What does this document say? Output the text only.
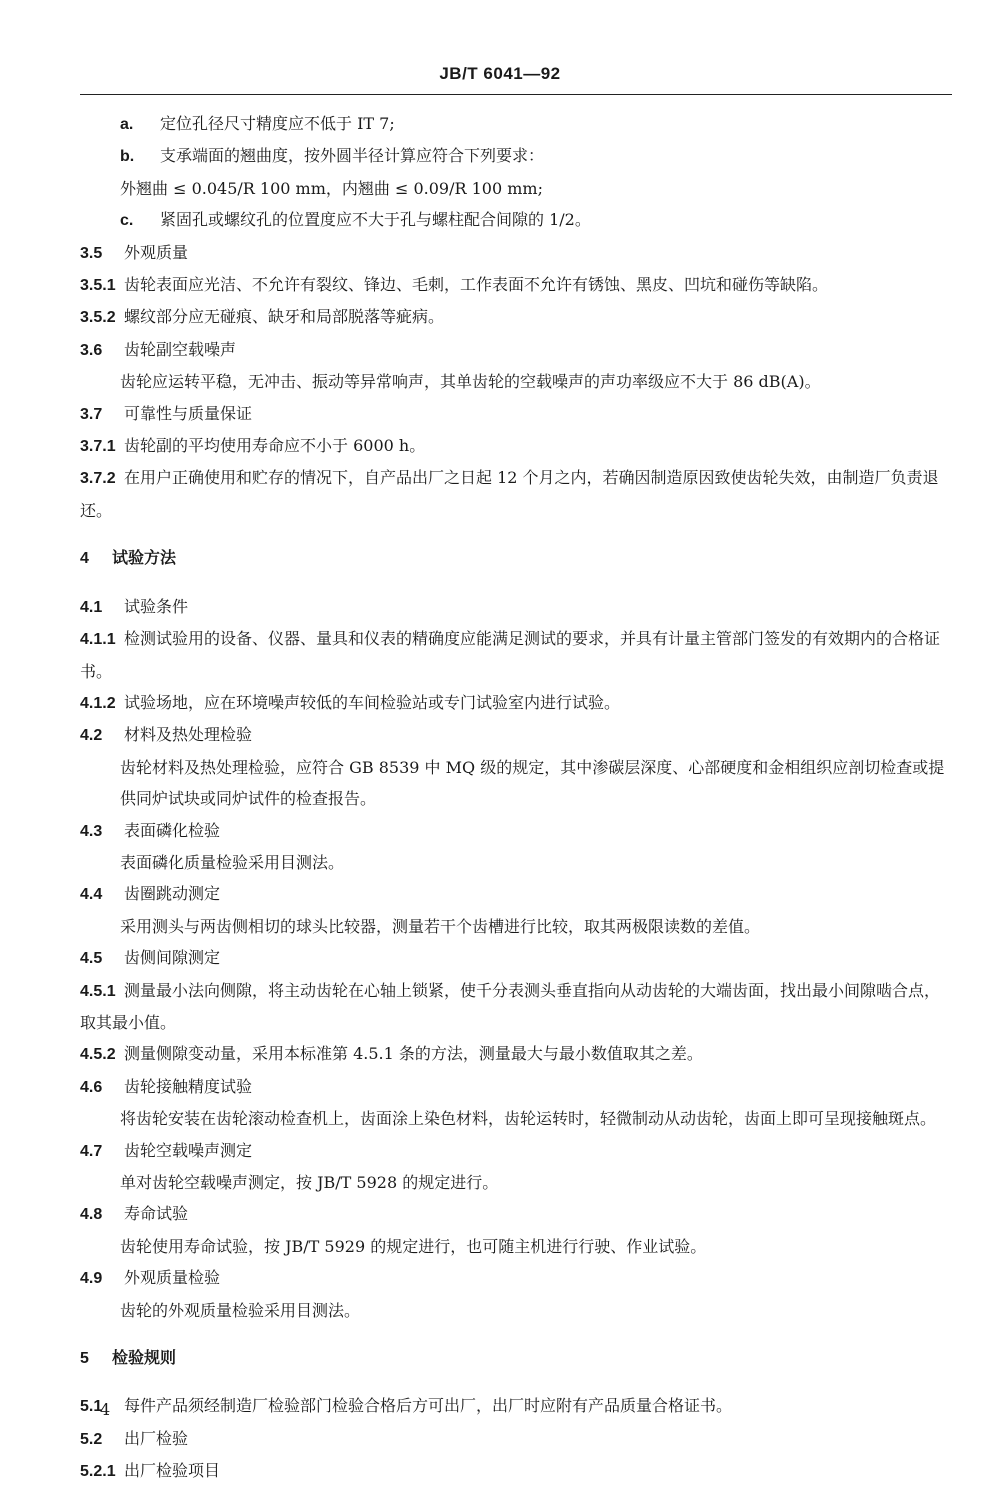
JB/T 6041—92

a. 定位孔径尺寸精度应不低于 IT 7;

b. 支承端面的翘曲度，按外圆半径计算应符合下列要求：

外翘曲 ≤ 0.045/R 100 mm，内翘曲 ≤ 0.09/R 100 mm;

c. 紧固孔或螺纹孔的位置度应不大于孔与螺柱配合间隙的 1/2。

3.5 外观质量

3.5.1 齿轮表面应光洁、不允许有裂纹、锋边、毛刺，工作表面不允许有锈蚀、黑皮、凹坑和碰伤等缺陷。

3.5.2 螺纹部分应无碰痕、缺牙和局部脱落等疵病。

3.6 齿轮副空载噪声

齿轮应运转平稳，无冲击、振动等异常响声，其单齿轮的空载噪声的声功率级应不大于 86 dB(A)。

3.7 可靠性与质量保证

3.7.1 齿轮副的平均使用寿命应不小于 6000 h。

3.7.2 在用户正确使用和贮存的情况下，自产品出厂之日起 12 个月之内，若确因制造原因致使齿轮失效，由制造厂负责退还。

4 试验方法

4.1 试验条件

4.1.1 检测试验用的设备、仪器、量具和仪表的精确度应能满足测试的要求，并具有计量主管部门签发的有效期内的合格证书。

4.1.2 试验场地，应在环境噪声较低的车间检验站或专门试验室内进行试验。

4.2 材料及热处理检验

齿轮材料及热处理检验，应符合 GB 8539 中 MQ 级的规定，其中渗碳层深度、心部硬度和金相组织应剖切检查或提供同炉试块或同炉试件的检查报告。

4.3 表面磷化检验

表面磷化质量检验采用目测法。

4.4 齿圈跳动测定

采用测头与两齿侧相切的球头比较器，测量若干个齿槽进行比较，取其两极限读数的差值。

4.5 齿侧间隙测定

4.5.1 测量最小法向侧隙，将主动齿轮在心轴上锁紧，使千分表测头垂直指向从动齿轮的大端齿面，找出最小间隙啮合点，取其最小值。

4.5.2 测量侧隙变动量，采用本标准第 4.5.1 条的方法，测量最大与最小数值取其之差。

4.6 齿轮接触精度试验

将齿轮安装在齿轮滚动检查机上，齿面涂上染色材料，齿轮运转时，轻微制动从动齿轮，齿面上即可呈现接触斑点。

4.7 齿轮空载噪声测定

单对齿轮空载噪声测定，按 JB/T 5928 的规定进行。

4.8 寿命试验

齿轮使用寿命试验，按 JB/T 5929 的规定进行，也可随主机进行行驶、作业试验。

4.9 外观质量检验

齿轮的外观质量检验采用目测法。

5 检验规则

5.1 每件产品须经制造厂检验部门检验合格后方可出厂，出厂时应附有产品质量合格证书。

5.2 出厂检验

5.2.1 出厂检验项目

4
